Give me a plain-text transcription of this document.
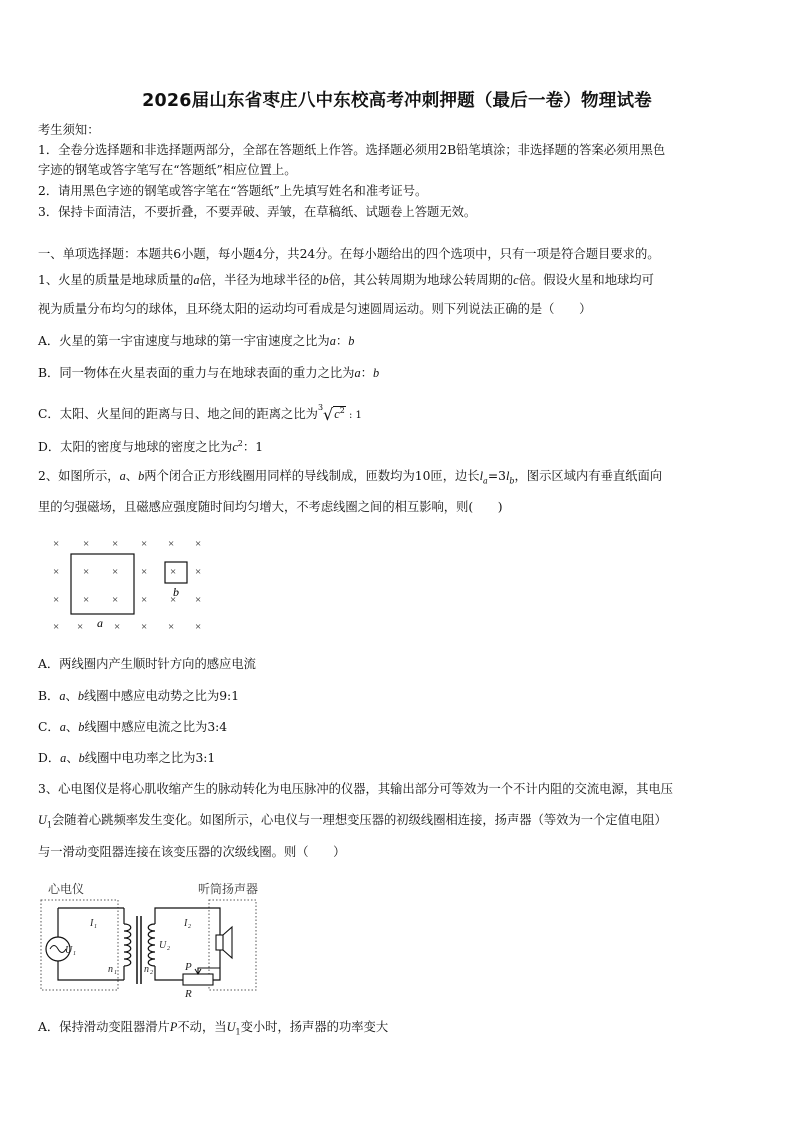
2026届山东省枣庄八中东校高考冲刺押题（最后一卷）物理试卷
考生须知：
1．全卷分选择题和非选择题两部分，全部在答题纸上作答。选择题必须用2B铅笔填涂；非选择题的答案必须用黑色
字迹的钢笔或答字笔写在“答题纸”相应位置上。
2．请用黑色字迹的钢笔或答字笔在“答题纸”上先填写姓名和准考证号。
3．保持卡面清洁，不要折叠，不要弄破、弄皱，在草稿纸、试题卷上答题无效。
一、单项选择题：本题共6小题，每小题4分，共24分。在每小题给出的四个选项中，只有一项是符合题目要求的。
1、火星的质量是地球质量的a倍，半径为地球半径的b倍，其公转周期为地球公转周期的c倍。假设火星和地球均可
视为质量分布均匀的球体，且环绕太阳的运动均可看成是匀速圆周运动。则下列说法正确的是（　　）
A．火星的第一宇宙速度与地球的第一宇宙速度之比为a：b
B．同一物体在火星表面的重力与在地球表面的重力之比为a：b
C．太阳、火星间的距离与日、地之间的距离之比为$^3√c^2$ : 1
D．太阳的密度与地球的密度之比为$c^2$：1
2、如图所示，a、b两个闭合正方形线圈用同样的导线制成，匝数均为10匝，边长$l_a=3l_b$，图示区域内有垂直纸面向
里的匀强磁场，且磁感应强度随时间均匀增大，不考虑线圈之间的相互影响，则(　　)
× × × × × ×
× × × × × ×
× × × × × ×
× ×	× × × ×
a
b
A．两线圈内产生顺时针方向的感应电流
B．a、b线圈中感应电动势之比为9:1
C．a、b线圈中感应电流之比为3:4
D．a、b线圈中电功率之比为3:1
3、心电图仪是将心肌收缩产生的脉动转化为电压脉冲的仪器，其输出部分可等效为一个不计内阻的交流电源，其电压
$U_1$会随着心跳频率发生变化。如图所示，心电仪与一理想变压器的初级线圈相连接，扬声器（等效为一个定值电阻）
与一滑动变阻器连接在该变压器的次级线圈。则（　　）
心电仪	听筒扬声器
I 1
U 1
n 1
U 2
I 2
n 2	P
R
A．保持滑动变阻器滑片P不动，当$U_1$变小时，扬声器的功率变大
